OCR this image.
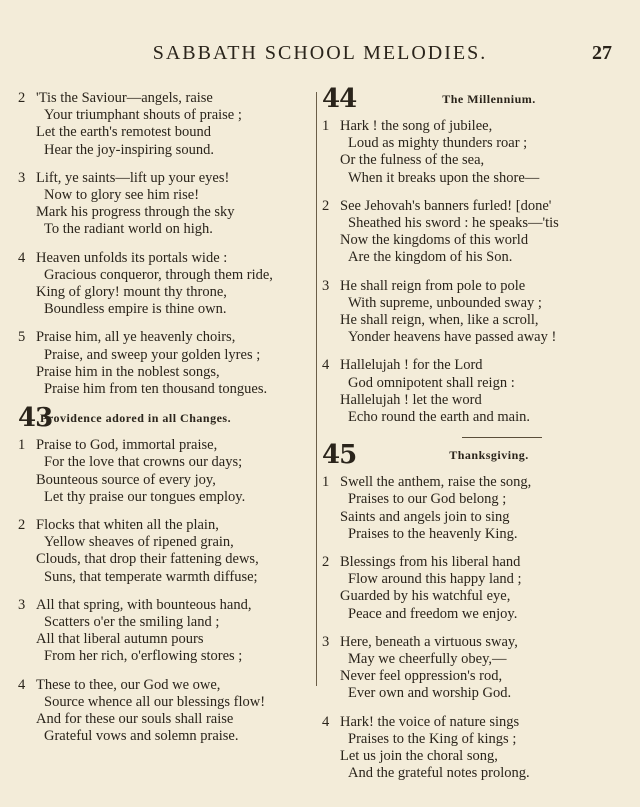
SABBATH SCHOOL MELODIES.	27
2 'Tis the Saviour—angels, raise
Your triumphant shouts of praise ;
Let the earth's remotest bound
Hear the joy-inspiring sound.
3 Lift, ye saints—lift up your eyes!
Now to glory see him rise!
Mark his progress through the sky
To the radiant world on high.
4 Heaven unfolds its portals wide :
Gracious conqueror, through them ride,
King of glory! mount thy throne,
Boundless empire is thine own.
5 Praise him, all ye heavenly choirs,
Praise, and sweep your golden lyres ;
Praise him in the noblest songs,
Praise him from ten thousand tongues.
43
Providence adored in all Changes.
1 Praise to God, immortal praise,
For the love that crowns our days;
Bounteous source of every joy,
Let thy praise our tongues employ.
2 Flocks that whiten all the plain,
Yellow sheaves of ripened grain,
Clouds, that drop their fattening dews,
Suns, that temperate warmth diffuse;
3 All that spring, with bounteous hand,
Scatters o'er the smiling land ;
All that liberal autumn pours
From her rich, o'erflowing stores ;
4 These to thee, our God we owe,
Source whence all our blessings flow!
And for these our souls shall raise
Grateful vows and solemn praise.
44	The Millennium.
1 Hark ! the song of jubilee,
Loud as mighty thunders roar ;
Or the fulness of the sea,
When it breaks upon the shore—
2 See Jehovah's banners furled! [done'
Sheathed his sword : he speaks—'tis
Now the kingdoms of this world
Are the kingdom of his Son.
3 He shall reign from pole to pole
With supreme, unbounded sway ;
He shall reign, when, like a scroll,
Yonder heavens have passed away !
4 Hallelujah ! for the Lord
God omnipotent shall reign :
Hallelujah ! let the word
Echo round the earth and main.
45	Thanksgiving.
1 Swell the anthem, raise the song,
Praises to our God belong ;
Saints and angels join to sing
Praises to the heavenly King.
2 Blessings from his liberal hand
Flow around this happy land ;
Guarded by his watchful eye,
Peace and freedom we enjoy.
3 Here, beneath a virtuous sway,
May we cheerfully obey,—
Never feel oppression's rod,
Ever own and worship God.
4 Hark! the voice of nature sings
Praises to the King of kings ;
Let us join the choral song,
And the grateful notes prolong.
